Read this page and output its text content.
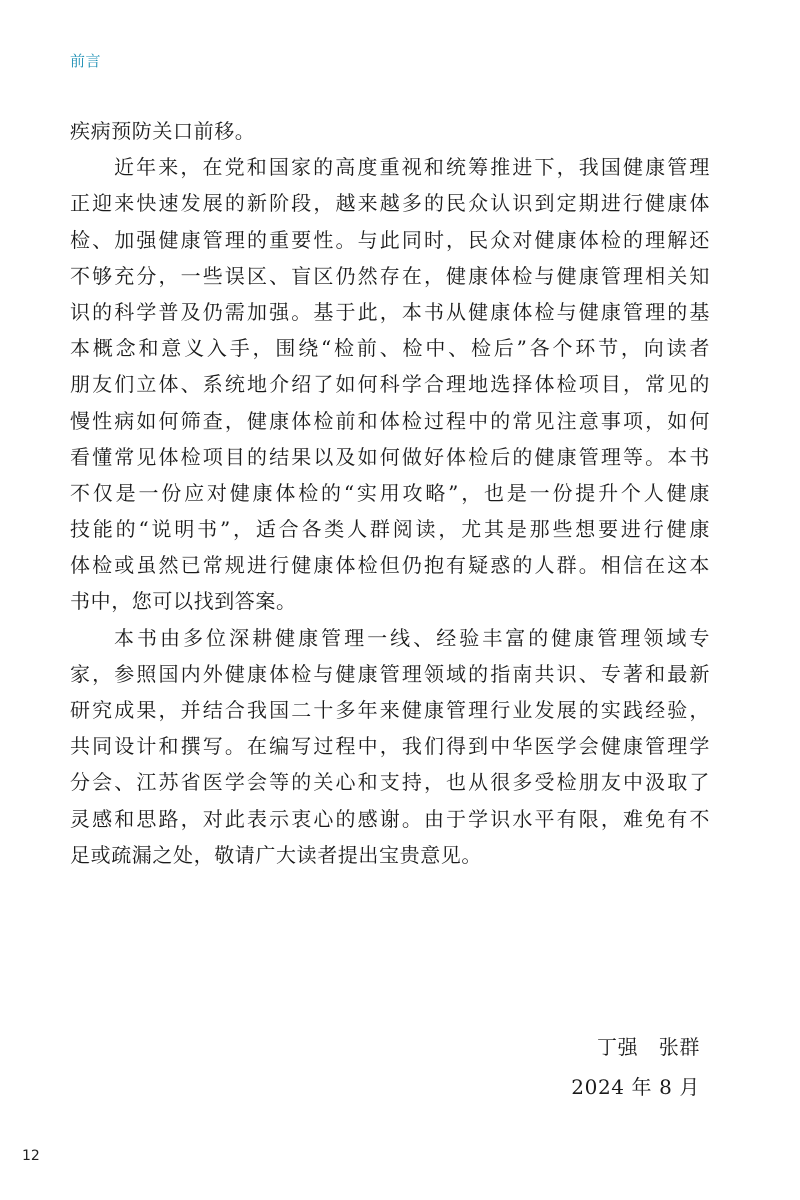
前言
疾病预防关口前移。
近年来，在党和国家的高度重视和统筹推进下，我国健康管理
正迎来快速发展的新阶段，越来越多的民众认识到定期进行健康体
检、加强健康管理的重要性。与此同时，民众对健康体检的理解还
不够充分，一些误区、盲区仍然存在，健康体检与健康管理相关知
识的科学普及仍需加强。基于此，本书从健康体检与健康管理的基
本概念和意义入手，围绕“检前、检中、检后”各个环节，向读者
朋友们立体、系统地介绍了如何科学合理地选择体检项目，常见的
慢性病如何筛查，健康体检前和体检过程中的常见注意事项，如何
看懂常见体检项目的结果以及如何做好体检后的健康管理等。本书
不仅是一份应对健康体检的“实用攻略”，也是一份提升个人健康
技能的“说明书”，适合各类人群阅读，尤其是那些想要进行健康
体检或虽然已常规进行健康体检但仍抱有疑惑的人群。相信在这本
书中，您可以找到答案。
本书由多位深耕健康管理一线、经验丰富的健康管理领域专
家，参照国内外健康体检与健康管理领域的指南共识、专著和最新
研究成果，并结合我国二十多年来健康管理行业发展的实践经验，
共同设计和撰写。在编写过程中，我们得到中华医学会健康管理学
分会、江苏省医学会等的关心和支持，也从很多受检朋友中汲取了
灵感和思路，对此表示衷心的感谢。由于学识水平有限，难免有不
足或疏漏之处，敬请广大读者提出宝贵意见。
丁强　张群
2024 年 8 月
12
